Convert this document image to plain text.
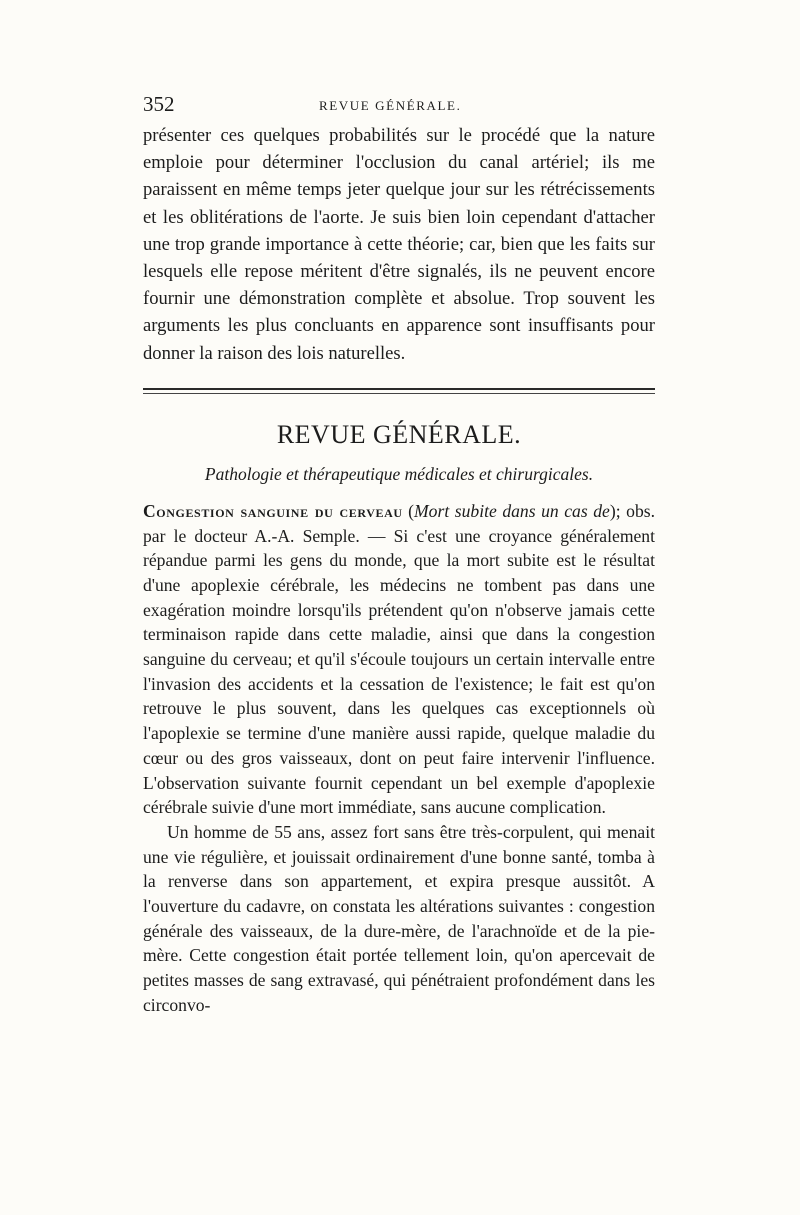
352	REVUE GÉNÉRALE.

présenter ces quelques probabilités sur le procédé que la nature emploie pour déterminer l'occlusion du canal artériel; ils me paraissent en même temps jeter quelque jour sur les rétrécissements et les oblitérations de l'aorte. Je suis bien loin cependant d'attacher une trop grande importance à cette théorie; car, bien que les faits sur lesquels elle repose méritent d'être signalés, ils ne peuvent encore fournir une démonstration complète et absolue. Trop souvent les arguments les plus concluants en apparence sont insuffisants pour donner la raison des lois naturelles.

REVUE GÉNÉRALE.
Pathologie et thérapeutique médicales et chirurgicales.

Congestion sanguine du cerveau (Mort subite dans un cas de); obs. par le docteur A.-A. Semple. — Si c'est une croyance généralement répandue parmi les gens du monde, que la mort subite est le résultat d'une apoplexie cérébrale, les médecins ne tombent pas dans une exagération moindre lorsqu'ils prétendent qu'on n'observe jamais cette terminaison rapide dans cette maladie, ainsi que dans la congestion sanguine du cerveau; et qu'il s'écoule toujours un certain intervalle entre l'invasion des accidents et la cessation de l'existence; le fait est qu'on retrouve le plus souvent, dans les quelques cas exceptionnels où l'apoplexie se termine d'une manière aussi rapide, quelque maladie du cœur ou des gros vaisseaux, dont on peut faire intervenir l'influence. L'observation suivante fournit cependant un bel exemple d'apoplexie cérébrale suivie d'une mort immédiate, sans aucune complication.

Un homme de 55 ans, assez fort sans être très-corpulent, qui menait une vie régulière, et jouissait ordinairement d'une bonne santé, tomba à la renverse dans son appartement, et expira presque aussitôt. A l'ouverture du cadavre, on constata les altérations suivantes : congestion générale des vaisseaux, de la dure-mère, de l'arachnoïde et de la pie-mère. Cette congestion était portée tellement loin, qu'on apercevait de petites masses de sang extravasé, qui pénétraient profondément dans les circonvo-
